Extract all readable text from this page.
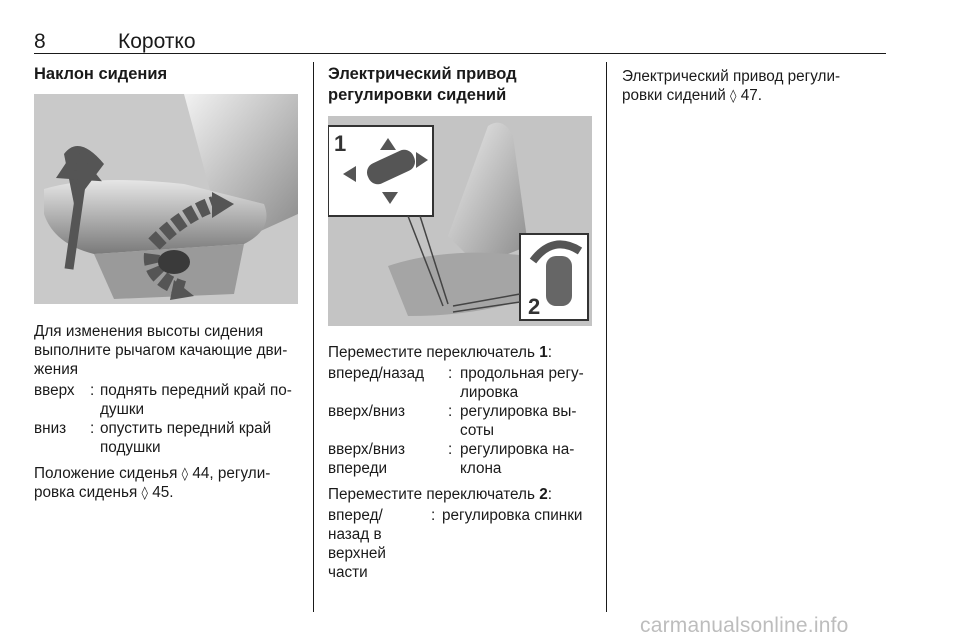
8	Коротко
Наклон сидения
Для изменения высоты сидения
выполните рычагом качающие дви-
жения
вверх : поднять передний край по-
душки
вниз : опустить передний край
подушки
Положение сиденья ◊ 44, регули-
ровка сиденья ◊ 45.
Электрический привод
регулировки сидений
1
2
Переместите переключатель 1:
вперед/назад : продольная регу-
лировка
вверх/вниз	: регулировка вы-
соты
вверх/вниз
впереди
: регулировка на-
клона
Переместите переключатель 2:
вперед/
назад в
верхней
части
: регулировка спинки
Электрический привод регули-
ровки сидений ◊ 47.
carmanualsonline.info
